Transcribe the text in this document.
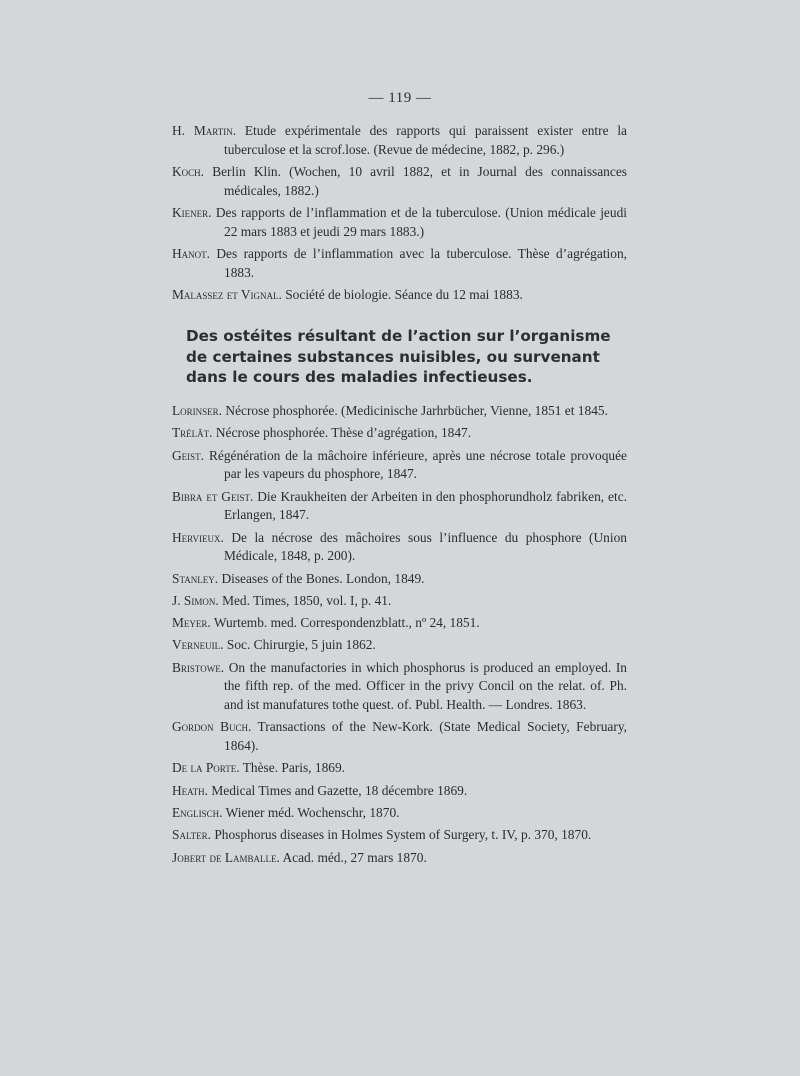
— 119 —

H. Martin. Etude expérimentale des rapports qui paraissent exister entre la tuberculose et la scrof.lose. (Revue de médecine, 1882, p. 296.)

Koch. Berlin Klin. (Wochen, 10 avril 1882, et in Journal des connaissances médicales, 1882.)

Kiener. Des rapports de l’inflammation et de la tuberculose. (Union médicale jeudi 22 mars 1883 et jeudi 29 mars 1883.)

Hanot. Des rapports de l’inflammation avec la tuberculose. Thèse d’agrégation, 1883.

Malassez et Vignal. Société de biologie. Séance du 12 mai 1883.

Des ostéites résultant de l’action sur l’organisme de certaines substances nuisibles, ou survenant dans le cours des maladies infectieuses.

Lorinser. Nécrose phosphorée. (Medicinische Jarhrbücher, Vienne, 1851 et 1845.

Trélât. Nécrose phosphorée. Thèse d’agrégation, 1847.

Geist. Régénération de la mâchoire inférieure, après une nécrose totale provoquée par les vapeurs du phosphore, 1847.

Bibra et Geist. Die Kraukheiten der Arbeiten in den phosphorundholz fabriken, etc. Erlangen, 1847.

Hervieux. De la nécrose des mâchoires sous l’influence du phosphore (Union Médicale, 1848, p. 200).

Stanley. Diseases of the Bones. London, 1849.

J. Simon. Med. Times, 1850, vol. I, p. 41.

Meyer. Wurtemb. med. Correspondenzblatt., nº 24, 1851.

Verneuil. Soc. Chirurgie, 5 juin 1862.

Bristowe. On the manufactories in which phosphorus is produced an employed. In the fifth rep. of the med. Officer in the privy Concil on the relat. of. Ph. and ist manufatures tothe quest. of. Publ. Health. — Londres. 1863.

Gordon Buch. Transactions of the New-Kork. (State Medical Society, February, 1864).

De la Porte. Thèse. Paris, 1869.

Heath. Medical Times and Gazette, 18 décembre 1869.

Englisch. Wiener méd. Wochenschr, 1870.

Salter. Phosphorus diseases in Holmes System of Surgery, t. IV, p. 370, 1870.

Jobert de Lamballe. Acad. méd., 27 mars 1870.
